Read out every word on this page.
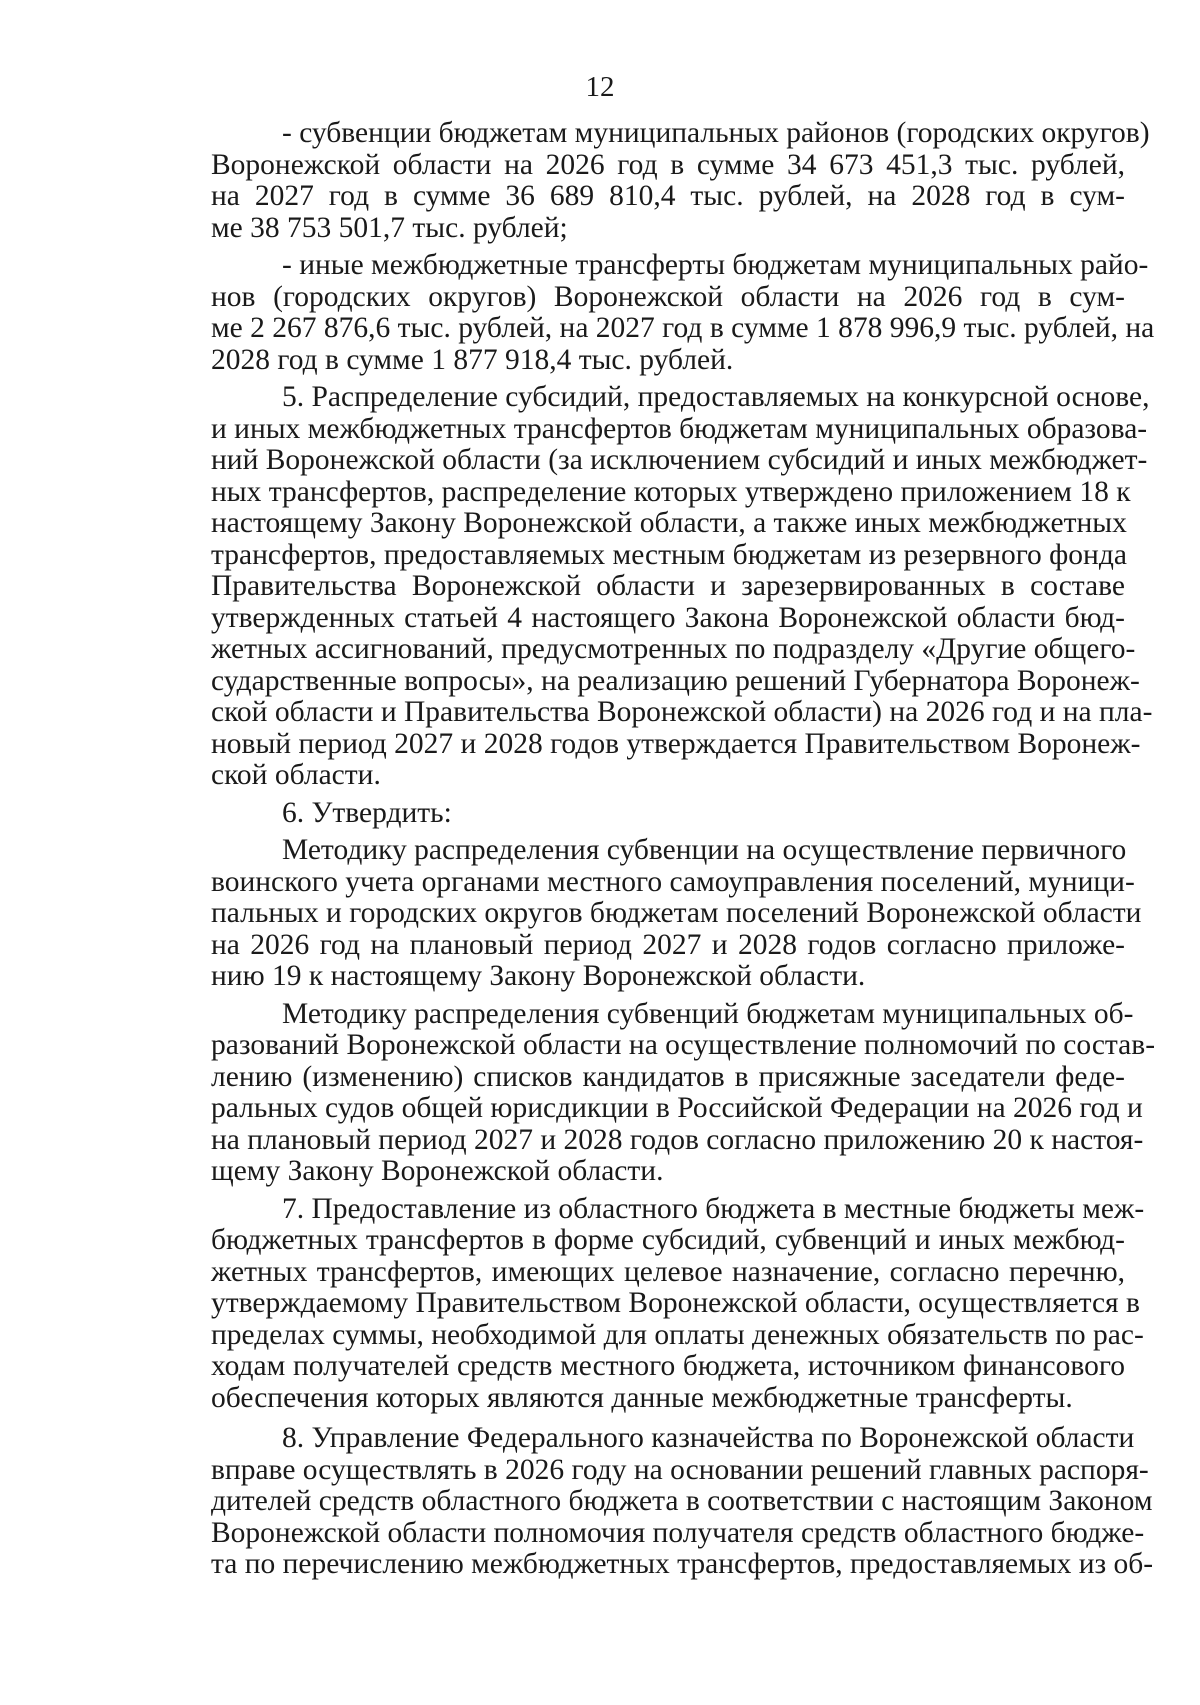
12
- субвенции бюджетам муниципальных районов (городских округов)
Воронежской области на 2026 год в сумме 34 673 451,3 тыс. рублей,
на 2027 год в сумме 36 689 810,4 тыс. рублей, на 2028 год в сум-
ме 38 753 501,7 тыс. рублей;
- иные межбюджетные трансферты бюджетам муниципальных райо-
нов (городских округов) Воронежской области на 2026 год в сум-
ме 2 267 876,6 тыс. рублей, на 2027 год в сумме 1 878 996,9 тыс. рублей, на
2028 год в сумме 1 877 918,4 тыс. рублей.
5. Распределение субсидий, предоставляемых на конкурсной основе,
и иных межбюджетных трансфертов бюджетам муниципальных образова-
ний Воронежской области (за исключением субсидий и иных межбюджет-
ных трансфертов, распределение которых утверждено приложением 18 к
настоящему Закону Воронежской области, а также иных межбюджетных
трансфертов, предоставляемых местным бюджетам из резервного фонда
Правительства Воронежской области и зарезервированных в составе
утвержденных статьей 4 настоящего Закона Воронежской области бюд-
жетных ассигнований, предусмотренных по подразделу «Другие общего-
сударственные вопросы», на реализацию решений Губернатора Воронеж-
ской области и Правительства Воронежской области) на 2026 год и на пла-
новый период 2027 и 2028 годов утверждается Правительством Воронеж-
ской области.
6. Утвердить:
Методику распределения субвенции на осуществление первичного
воинского учета органами местного самоуправления поселений, муници-
пальных и городских округов бюджетам поселений Воронежской области
на 2026 год на плановый период 2027 и 2028 годов согласно приложе-
нию 19 к настоящему Закону Воронежской области.
Методику распределения субвенций бюджетам муниципальных об-
разований Воронежской области на осуществление полномочий по состав-
лению (изменению) списков кандидатов в присяжные заседатели феде-
ральных судов общей юрисдикции в Российской Федерации на 2026 год и
на плановый период 2027 и 2028 годов согласно приложению 20 к настоя-
щему Закону Воронежской области.
7. Предоставление из областного бюджета в местные бюджеты меж-
бюджетных трансфертов в форме субсидий, субвенций и иных межбюд-
жетных трансфертов, имеющих целевое назначение, согласно перечню,
утверждаемому Правительством Воронежской области, осуществляется в
пределах суммы, необходимой для оплаты денежных обязательств по рас-
ходам получателей средств местного бюджета, источником финансового
обеспечения которых являются данные межбюджетные трансферты.
8. Управление Федерального казначейства по Воронежской области
вправе осуществлять в 2026 году на основании решений главных распоря-
дителей средств областного бюджета в соответствии с настоящим Законом
Воронежской области полномочия получателя средств областного бюдже-
та по перечислению межбюджетных трансфертов, предоставляемых из об-
